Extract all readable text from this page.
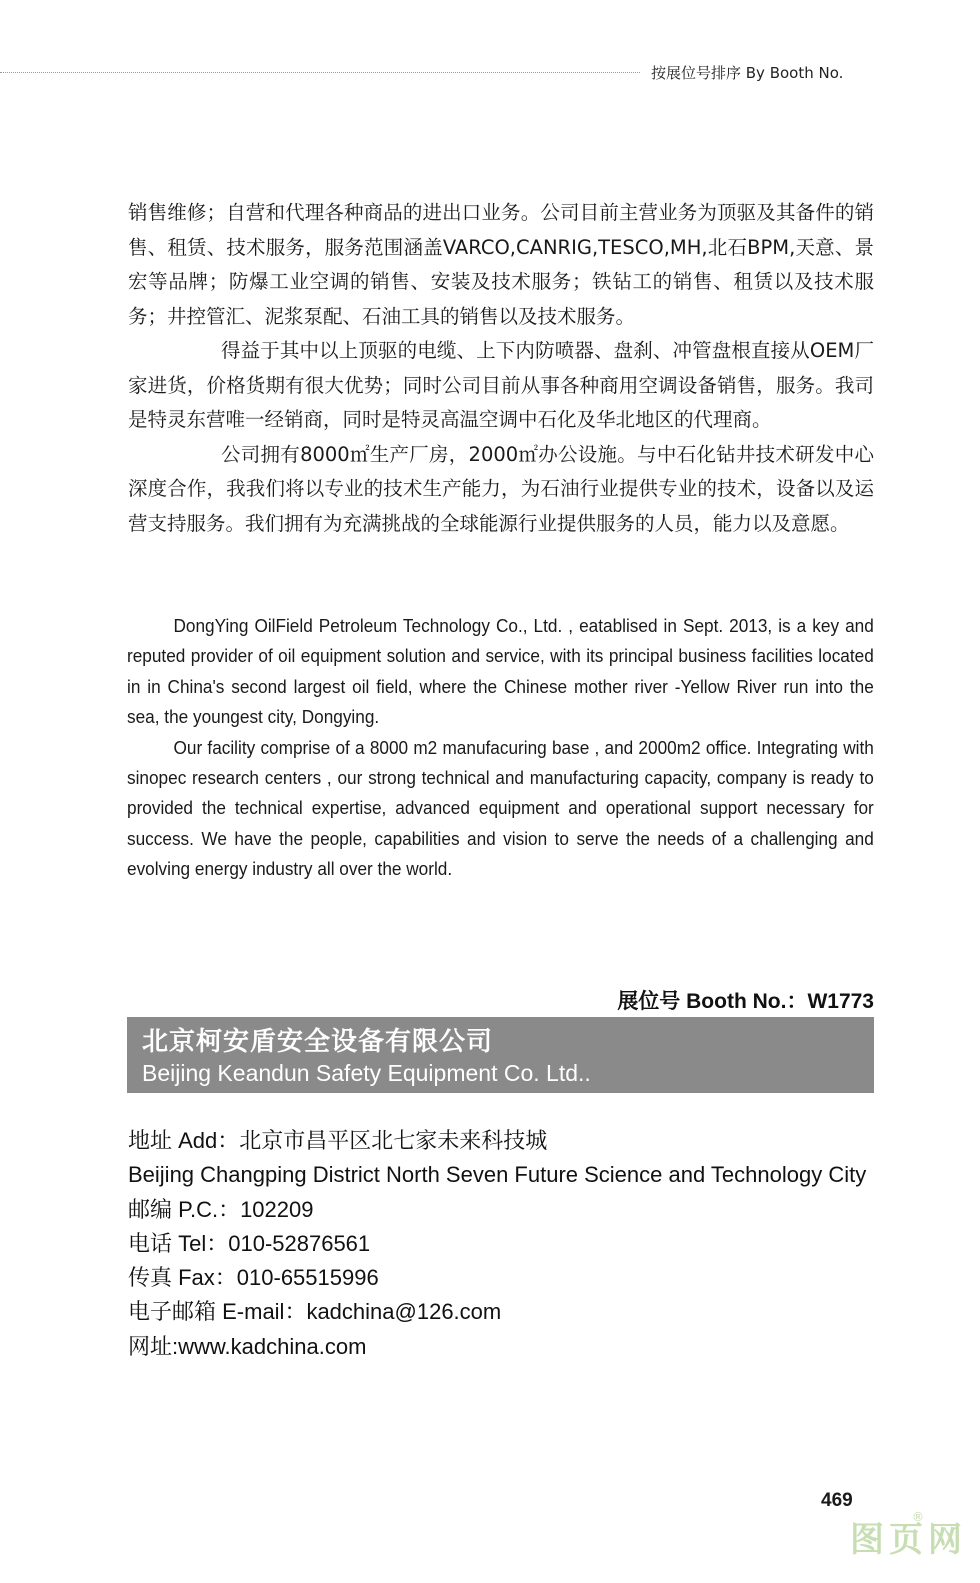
按展位号排序 By Booth No.

销售维修；自营和代理各种商品的进出口业务。公司目前主营业务为顶驱及其备件的销售、租赁、技术服务，服务范围涵盖VARCO,CANRIG,TESCO,MH,北石BPM,天意、景宏等品牌；防爆工业空调的销售、安装及技术服务；铁钻工的销售、租赁以及技术服务；井控管汇、泥浆泵配、石油工具的销售以及技术服务。

得益于其中以上顶驱的电缆、上下内防喷器、盘刹、冲管盘根直接从OEM厂家进货，价格货期有很大优势；同时公司目前从事各种商用空调设备销售，服务。我司是特灵东营唯一经销商，同时是特灵高温空调中石化及华北地区的代理商。

公司拥有8000㎡生产厂房，2000㎡办公设施。与中石化钻井技术研发中心深度合作，我我们将以专业的技术生产能力，为石油行业提供专业的技术，设备以及运营支持服务。我们拥有为充满挑战的全球能源行业提供服务的人员，能力以及意愿。

DongYing OilField Petroleum Technology Co., Ltd. , eatablised in Sept. 2013, is a key and reputed provider of oil equipment solution and service, with its principal business facilities located in in China's second largest oil field, where the Chinese mother river -Yellow River run into the sea, the youngest city, Dongying.

Our facility comprise of a 8000 m2 manufacuring base , and 2000m2 office. Integrating with sinopec research centers , our strong technical and manufacturing capacity, company is ready to provided the technical expertise, advanced equipment and operational support necessary for success. We have the people, capabilities and vision to serve the needs of a challenging and evolving energy industry all over the world.

展位号 Booth No.：W1773
北京柯安盾安全设备有限公司
Beijing Keandun Safety Equipment Co. Ltd..
地址 Add：北京市昌平区北七家未来科技城
Beijing Changping District North Seven Future Science and Technology City
邮编 P.C.：102209
电话 Tel：010-52876561
传真 Fax：010-65515996
电子邮箱 E-mail：kadchina@126.com
网址:www.kadchina.com
469
图页网
®
